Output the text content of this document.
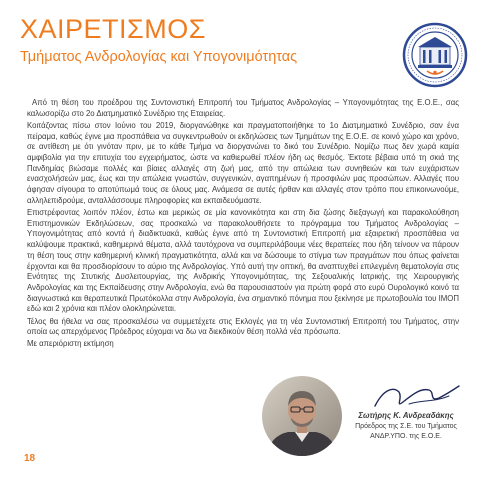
ΧΑΙΡΕΤΙΣΜΟΣ
Τμήματος Ανδρολογίας και Υπογονιμότητας

Από τη θέση του προέδρου της Συντονιστική Επιτροπή του Τμήματος Ανδρολογίας – Υπογονιμότητας της Ε.Ο.Ε., σας καλωσορίζω στο 2ο Διατμηματικό Συνέδριο της Εταιρείας.

Κοιτάζοντας πίσω στον Ιούνιο του 2019, διοργανώθηκε και πραγματοποιήθηκε το 1ο Διατμηματικό Συνέδριο, σαν ένα πείραμα, καθώς έγινε μια προσπάθεια να συγκεντρωθούν οι εκδηλώσεις των Τμημάτων της Ε.Ο.Ε. σε κοινό χώρο και χρόνο, σε αντίθεση με ότι γινόταν πριν, με το κάθε Τμήμα να διοργανώνει το δικό του Συνέδριο. Νομίζω πως δεν χωρά καμία αμφιβολία για την επιτυχία του εγχειρήματος, ώστε να καθιερωθεί πλέον ήδη ως θεσμός. Έκτοτε βέβαια υπό τη σκιά της Πανδημίας βιώσαμε πολλές και βίαιες αλλαγές στη ζωή μας, από την απώλεια των συνηθειών και των ευχάριστων ενασχολήσεών μας, έως και την απώλεια γνωστών, συγγενικών, αγαπημένων ή προσφιλών μας προσώπων. Αλλαγές που άφησαν σίγουρα το αποτύπωμά τους σε όλους μας. Ανάμεσα σε αυτές ήρθαν και αλλαγές στον τρόπο που επικοινωνούμε, αλληλεπιδρούμε, ανταλλάσσουμε πληροφορίες και εκπαιδευόμαστε.

Επιστρέφοντας λοιπόν πλέον, έστω και μερικώς σε μία κανονικότητα και στη δια ζώσης διεξαγωγή και παρακολούθηση Επιστημονικών Εκδηλώσεων, σας προσκαλώ να παρακολουθήσετε το πρόγραμμα του Τμήματος Ανδρολογίας – Υπογονιμότητας από κοντά ή διαδικτυακά, καθώς έγινε από τη Συντονιστική Επιτροπή μια εξαιρετική προσπάθεια να καλύψουμε πρακτικά, καθημερινά θέματα, αλλά ταυτόχρονα να συμπεριλάβουμε νέες θεραπείες που ήδη τείνουν να πάρουν τη θέση τους στην καθημερινή κλινική πραγματικότητα, αλλά και να δώσουμε το στίγμα των πραγμάτων που όπως φαίνεται έρχονται και θα προσδιορίσουν το αύριο της Ανδρολογίας. Υπό αυτή την οπτική, θα αναπτυχθεί επιλεγμένη θεματολογία στις Ενότητες της Στυτικής Δυσλειτουργίας, της Ανδρικής Υπογονιμότητας, της Σεξουαλικής Ιατρικής, της Χειρουργικής Ανδρολογίας και της Εκπαίδευσης στην Ανδρολογία, ενώ θα παρουσιαστούν για πρώτη φορά στο ευρύ Ουρολογικό κοινό τα διαγνωστικά και θεραπευτικά Πρωτόκολλα στην Ανδρολογία, ένα σημαντικό πόνημα που ξεκίνησε με πρωτοβουλία του ΙΜΟΠ εδώ και 2 χρόνια και πλέον ολοκληρώνεται.

Τέλος θα ήθελα να σας προσκαλέσω να συμμετέχετε στις Εκλογές για τη νέα Συντονιστική Επιτροπή του Τμήματος, στην οποία ως απερχόμενος Πρόεδρος εύχομαι να δω να διεκδικούν θέση πολλά νέα πρόσωπα.

Με απεριόριστη εκτίμηση

Σωτήρης Κ. Ανδρεαδάκης
Πρόεδρος της Σ.Ε. του Τμήματος
ΑΝΔΡ.ΥΠΟ. της Ε.Ο.Ε.
18
